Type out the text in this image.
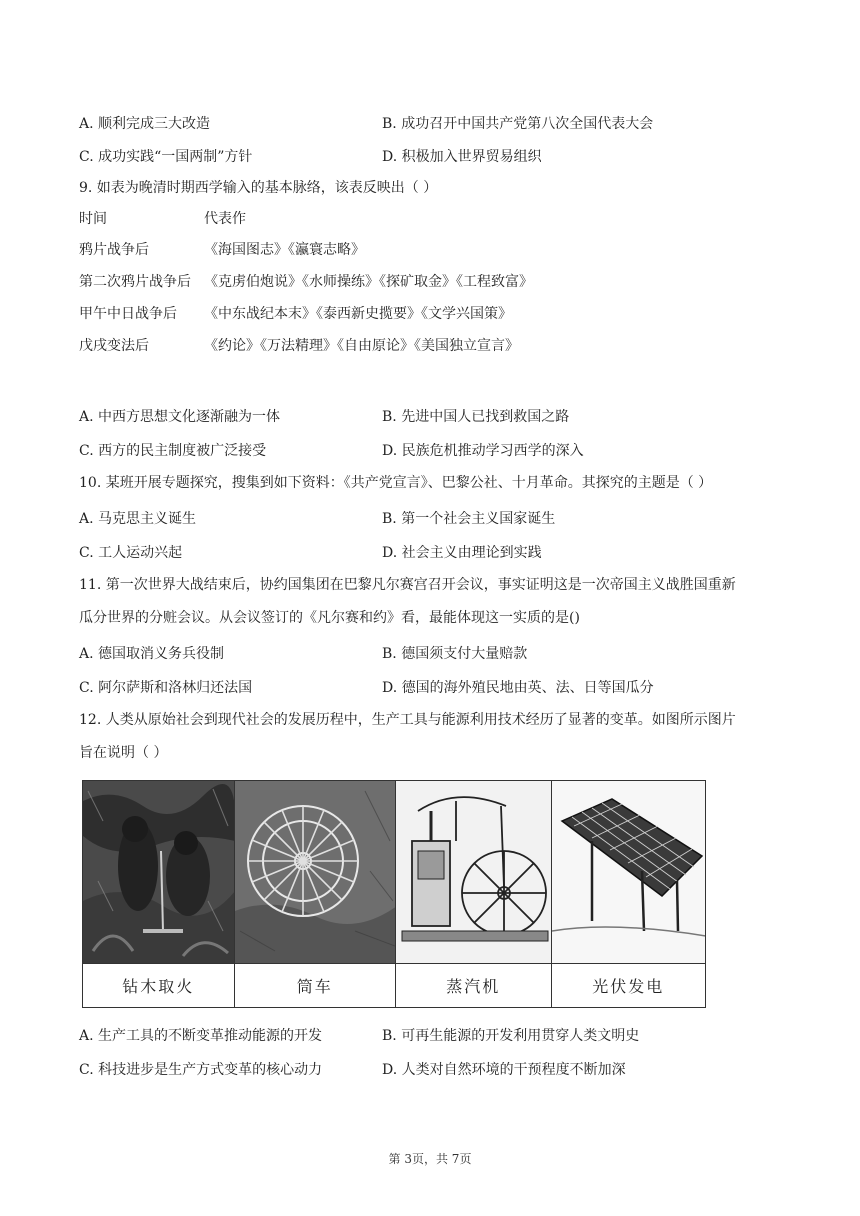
A. 顺利完成三大改造	B. 成功召开中国共产党第八次全国代表大会
C. 成功实践“一国两制”方针	D. 积极加入世界贸易组织
9. 如表为晚清时期西学输入的基本脉络，该表反映出（ ）
时间	代表作
鸦片战争后	《海国图志》《瀛寰志略》
第二次鸦片战争后 《克虏伯炮说》《水师操练》《探矿取金》《工程致富》
甲午中日战争后 《中东战纪本末》《泰西新史揽要》《文学兴国策》
戊戌变法后	《约论》《万法精理》《自由原论》《美国独立宣言》
A. 中西方思想文化逐渐融为一体	B. 先进中国人已找到救国之路
C. 西方的民主制度被广泛接受	D. 民族危机推动学习西学的深入
10. 某班开展专题探究，搜集到如下资料：《共产党宣言》、巴黎公社、十月革命。其探究的主题是（ ）
A. 马克思主义诞生	B. 第一个社会主义国家诞生
C. 工人运动兴起	D. 社会主义由理论到实践
11. 第一次世界大战结束后，协约国集团在巴黎凡尔赛宫召开会议，事实证明这是一次帝国主义战胜国重新
瓜分世界的分赃会议。从会议签订的《凡尔赛和约》看，最能体现这一实质的是()
A. 德国取消义务兵役制	B. 德国须支付大量赔款
C. 阿尔萨斯和洛林归还法国	D. 德国的海外殖民地由英、法、日等国瓜分
12. 人类从原始社会到现代社会的发展历程中，生产工具与能源利用技术经历了显著的变革。如图所示图片
旨在说明（ ）
钻木取火	筒车	蒸汽机	光伏发电
A. 生产工具的不断变革推动能源的开发	B. 可再生能源的开发利用贯穿人类文明史
C. 科技进步是生产方式变革的核心动力	D. 人类对自然环境的干预程度不断加深
第 3页，共 7页
